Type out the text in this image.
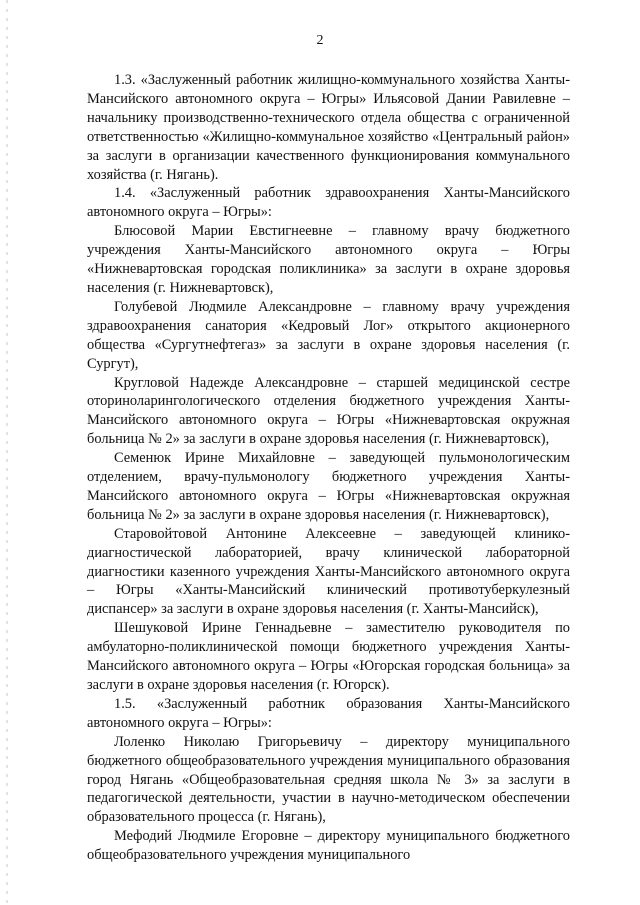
2

1.3. «Заслуженный работник жилищно-коммунального хозяйства Ханты-Мансийского автономного округа – Югры» Ильясовой Дании Равилевне – начальнику производственно-технического отдела общества с ограниченной ответственностью «Жилищно-коммунальное хозяйство «Центральный район» за заслуги в организации качественного функционирования коммунального хозяйства (г. Нягань).

1.4. «Заслуженный работник здравоохранения Ханты-Мансийского автономного округа – Югры»:

Блюсовой Марии Евстигнеевне – главному врачу бюджетного учреждения Ханты-Мансийского автономного округа – Югры «Нижневартовская городская поликлиника» за заслуги в охране здоровья населения (г. Нижневартовск),

Голубевой Людмиле Александровне – главному врачу учреждения здравоохранения санатория «Кедровый Лог» открытого акционерного общества «Сургутнефтегаз» за заслуги в охране здоровья населения (г. Сургут),

Кругловой Надежде Александровне – старшей медицинской сестре оториноларингологического отделения бюджетного учреждения Ханты-Мансийского автономного округа – Югры «Нижневартовская окружная больница № 2» за заслуги в охране здоровья населения (г. Нижневартовск),

Семенюк Ирине Михайловне – заведующей пульмонологическим отделением, врачу-пульмонологу бюджетного учреждения Ханты-Мансийского автономного округа – Югры «Нижневартовская окружная больница № 2» за заслуги в охране здоровья населения (г. Нижневартовск),

Старовойтовой Антонине Алексеевне – заведующей клинико-диагностической лабораторией, врачу клинической лабораторной диагностики казенного учреждения Ханты-Мансийского автономного округа – Югры «Ханты-Мансийский клинический противотуберкулезный диспансер» за заслуги в охране здоровья населения (г. Ханты-Мансийск),

Шешуковой Ирине Геннадьевне – заместителю руководителя по амбулаторно-поликлинической помощи бюджетного учреждения Ханты-Мансийского автономного округа – Югры «Югорская городская больница» за заслуги в охране здоровья населения (г. Югорск).

1.5. «Заслуженный работник образования Ханты-Мансийского автономного округа – Югры»:

Лоленко Николаю Григорьевичу – директору муниципального бюджетного общеобразовательного учреждения муниципального образования город Нягань «Общеобразовательная средняя школа № 3» за заслуги в педагогической деятельности, участии в научно-методическом обеспечении образовательного процесса (г. Нягань),

Мефодий Людмиле Егоровне – директору муниципального бюджетного общеобразовательного учреждения муниципального
